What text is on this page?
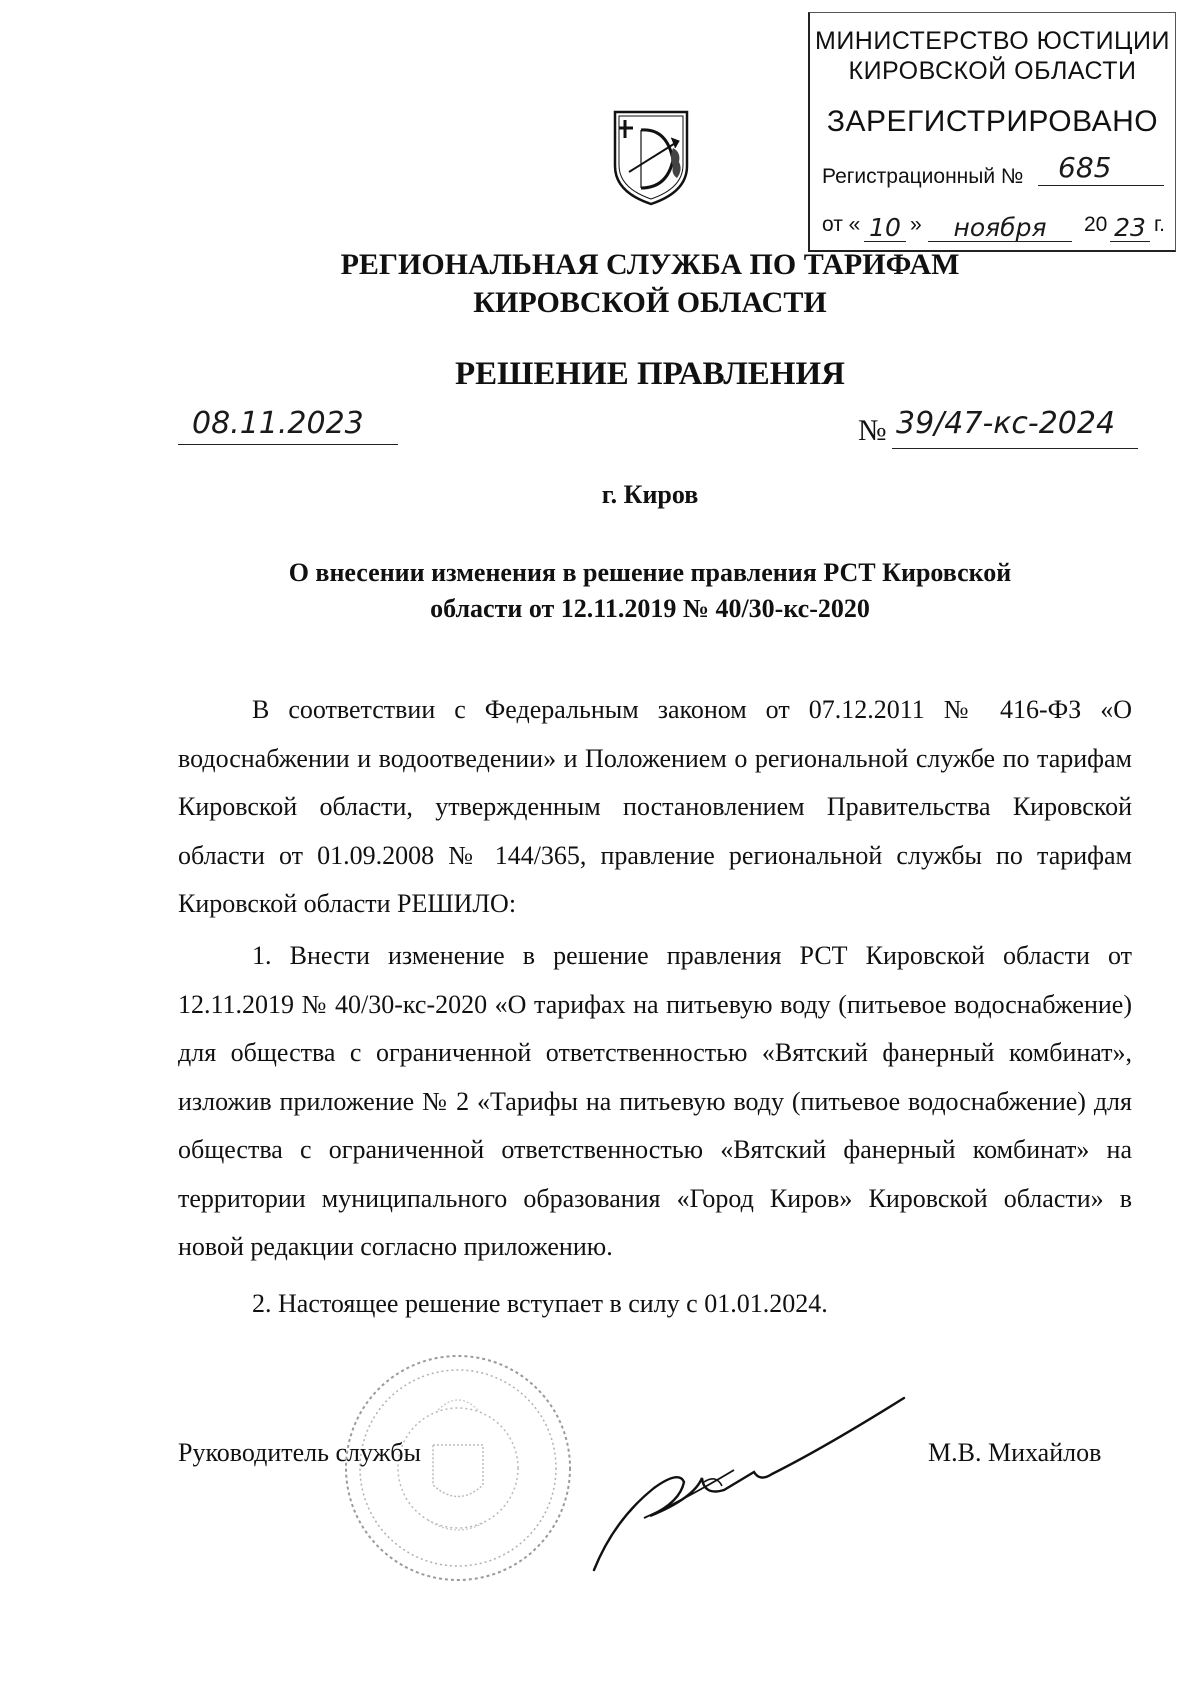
МИНИСТЕРСТВО ЮСТИЦИИ
КИРОВСКОЙ ОБЛАСТИ
ЗАРЕГИСТРИРОВАНО
Регистрационный № 685
от « 10 »	ноября	20 23 г.
РЕГИОНАЛЬНАЯ СЛУЖБА ПО ТАРИФАМ
КИРОВСКОЙ ОБЛАСТИ
РЕШЕНИЕ ПРАВЛЕНИЯ
08.11.2023	№ 39/47-кс-2024
г. Киров
О внесении изменения в решение правления РСТ Кировской
области от 12.11.2019 № 40/30-кс-2020

В соответствии с Федеральным законом от 07.12.2011 № 416-ФЗ «О водоснабжении и водоотведении» и Положением о региональной службе по тарифам Кировской области, утвержденным постановлением Правительства Кировской области от 01.09.2008 № 144/365, правление региональной службы по тарифам Кировской области РЕШИЛО:

1. Внести изменение в решение правления РСТ Кировской области от 12.11.2019 № 40/30-кс-2020 «О тарифах на питьевую воду (питьевое водоснабжение) для общества с ограниченной ответственностью «Вятский фанерный комбинат», изложив приложение № 2 «Тарифы на питьевую воду (питьевое водоснабжение) для общества с ограниченной ответственностью «Вятский фанерный комбинат» на территории муниципального образования «Город Киров» Кировской области» в новой редакции согласно приложению.

2. Настоящее решение вступает в силу с 01.01.2024.

Руководитель службы	М.В. Михайлов
